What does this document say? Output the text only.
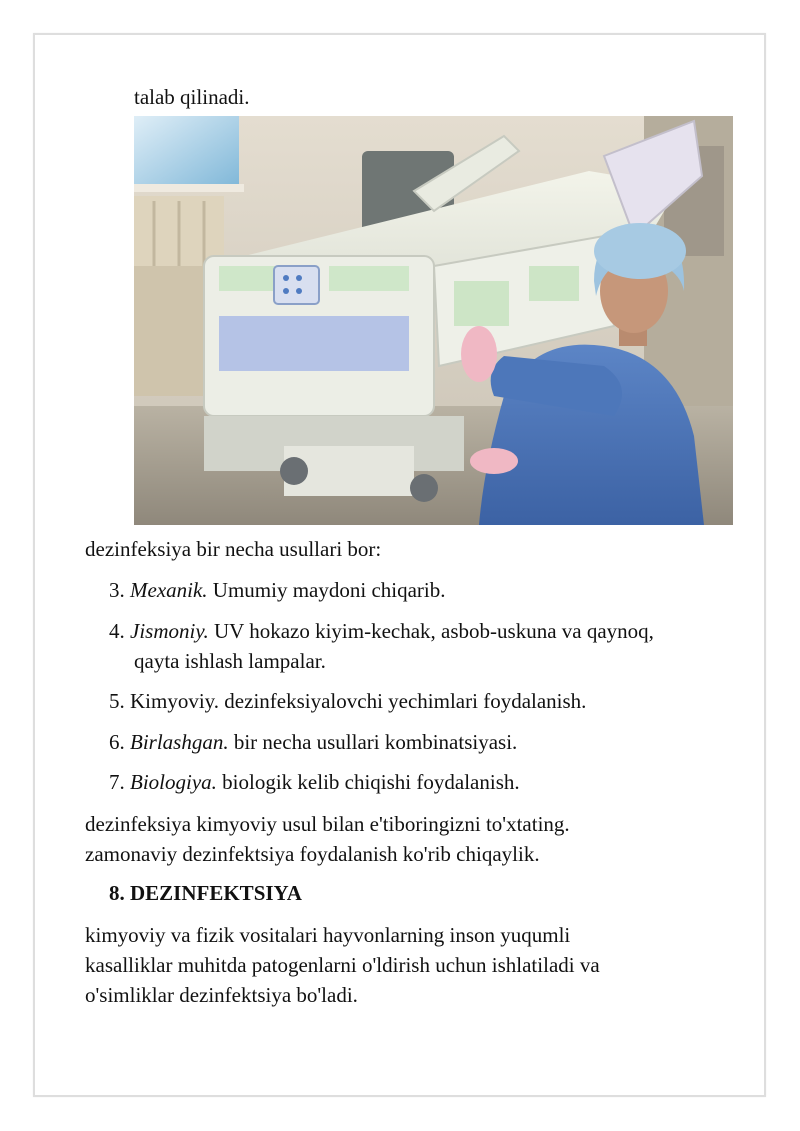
talab qilinadi.
dezinfeksiya bir necha usullari bor:
3. Mexanik. Umumiy maydoni chiqarib.
4. Jismoniy. UV hokazo kiyim-kechak, asbob-uskuna va qaynoq,
qayta ishlash lampalar.
5. Kimyoviy. dezinfeksiyalovchi yechimlari foydalanish.
6. Birlashgan. bir necha usullari kombinatsiyasi.
7. Biologiya. biologik kelib chiqishi foydalanish.
dezinfeksiya kimyoviy usul bilan e'tiboringizni to'xtating.
zamonaviy dezinfektsiya foydalanish ko'rib chiqaylik.
8. DEZINFEKTSIYA
kimyoviy va fizik vositalari hayvonlarning inson yuqumli
kasalliklar muhitda patogenlarni o'ldirish uchun ishlatiladi va
o'simliklar dezinfektsiya bo'ladi.
